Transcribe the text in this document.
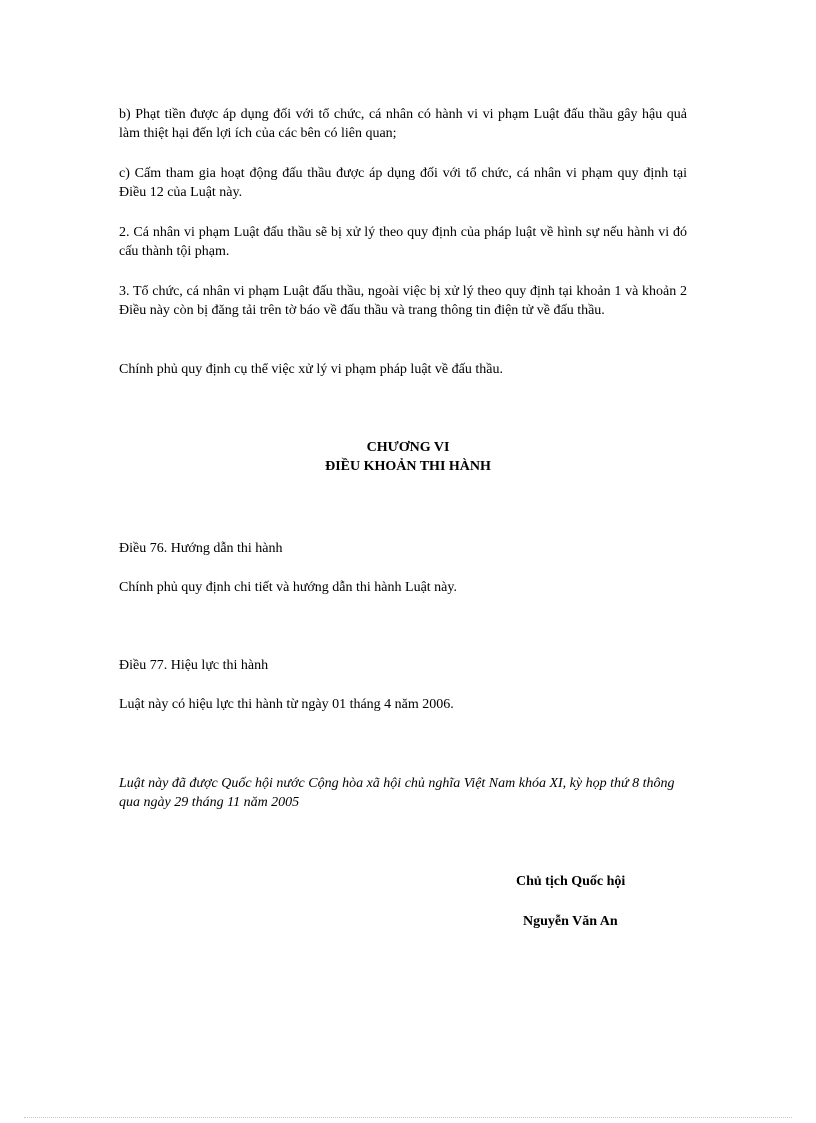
b) Phạt tiền được áp dụng đối với tổ chức, cá nhân có hành vi vi phạm Luật đấu thầu gây hậu quả làm thiệt hại đến lợi ích của các bên có liên quan;

c) Cấm tham gia hoạt động đấu thầu được áp dụng đối với tổ chức, cá nhân vi phạm quy định tại Điều 12 của Luật này.

2. Cá nhân vi phạm Luật đấu thầu sẽ bị xử lý theo quy định của pháp luật về hình sự nếu hành vi đó cấu thành tội phạm.

3. Tổ chức, cá nhân vi phạm Luật đấu thầu, ngoài việc bị xử lý theo quy định tại khoản 1 và khoản 2 Điều này còn bị đăng tải trên tờ báo về đấu thầu và trang thông tin điện tử về đấu thầu.

Chính phủ quy định cụ thể việc xử lý vi phạm pháp luật về đấu thầu.

CHƯƠNG VI

ĐIỀU KHOẢN THI HÀNH

Điều 76. Hướng dẫn thi hành

Chính phủ quy định chi tiết và hướng dẫn thi hành Luật này.

Điều 77. Hiệu lực thi hành

Luật này có hiệu lực thi hành từ ngày 01 tháng 4 năm 2006.

Luật này đã được Quốc hội nước Cộng hòa xã hội chủ nghĩa Việt Nam khóa XI, kỳ họp thứ 8 thông qua ngày 29 tháng 11 năm 2005

Chủ tịch Quốc hội

Nguyễn Văn An
